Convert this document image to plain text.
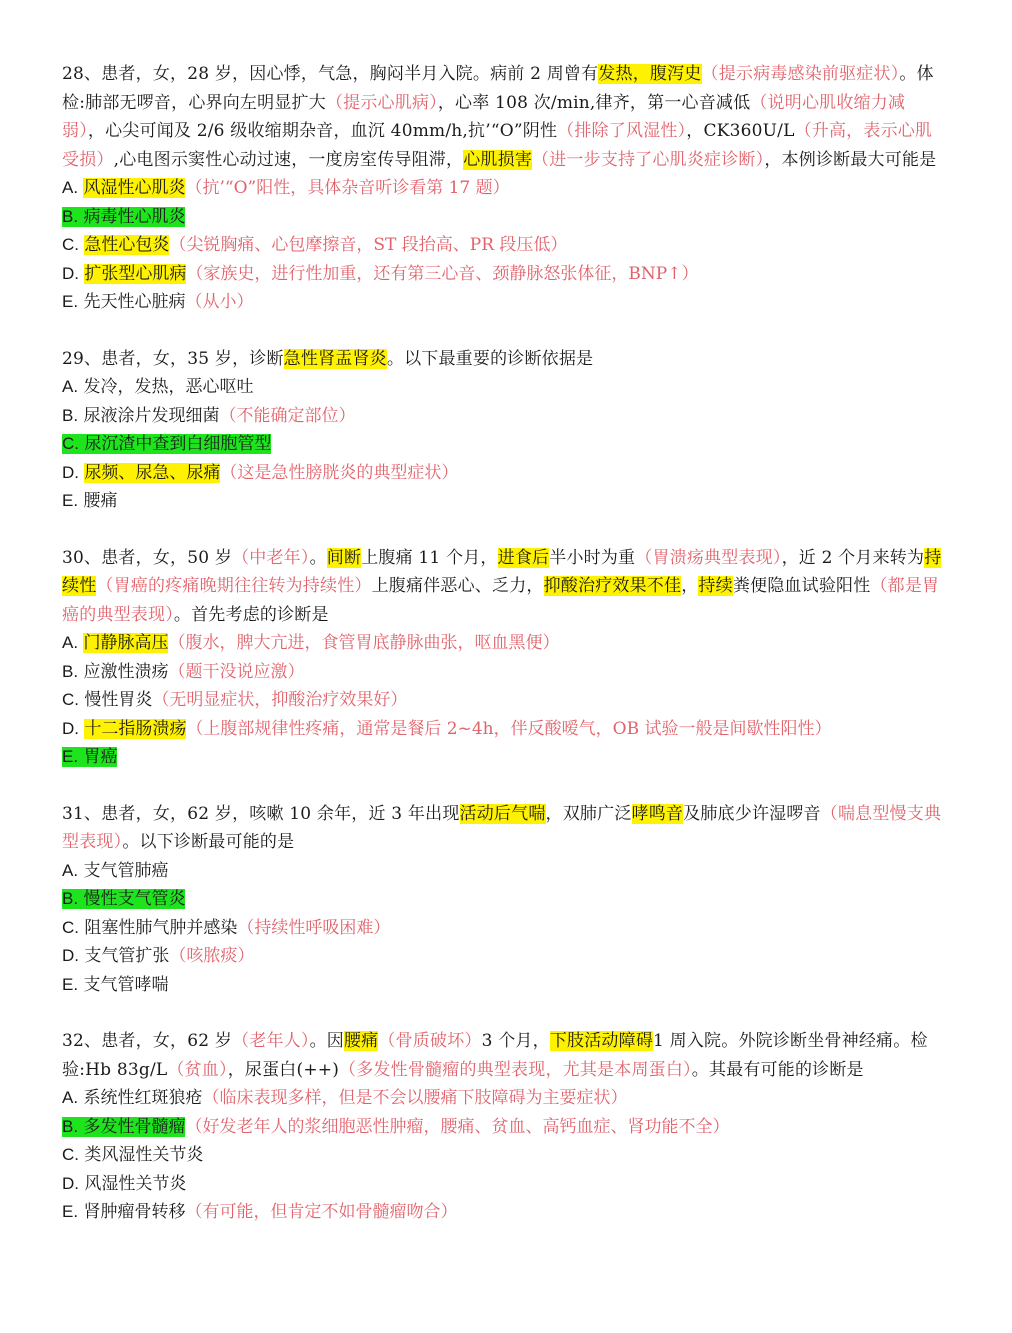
28、患者，女，28 岁，因心悸，气急，胸闷半月入院。病前 2 周曾有发热，腹泻史（提示病毒感染前驱症状）。体检:肺部无啰音，心界向左明显扩大（提示心肌病），心率 108 次/min,律齐，第一心音减低（说明心肌收缩力减弱），心尖可闻及 2/6 级收缩期杂音，血沉 40mm/h,抗’“O”阴性（排除了风湿性），CK360U/L（升高，表示心肌受损）,心电图示窦性心动过速，一度房室传导阻滞，心肌损害（进一步支持了心肌炎症诊断），本例诊断最大可能是
A. 风湿性心肌炎（抗’“O”阳性，具体杂音听诊看第 17 题）
B. 病毒性心肌炎
C. 急性心包炎（尖锐胸痛、心包摩擦音，ST 段抬高、PR 段压低）
D. 扩张型心肌病（家族史，进行性加重，还有第三心音、颈静脉怒张体征，BNP↑）
E. 先天性心脏病（从小）
29、患者，女，35 岁，诊断急性肾盂肾炎。以下最重要的诊断依据是
A. 发冷，发热，恶心呕吐
B. 尿液涂片发现细菌（不能确定部位）
C. 尿沉渣中查到白细胞管型
D. 尿频、尿急、尿痛（这是急性膀胱炎的典型症状）
E. 腰痛
30、患者，女，50 岁（中老年）。间断上腹痛 11 个月，进食后半小时为重（胃溃疡典型表现），近 2 个月来转为持续性（胃癌的疼痛晚期往往转为持续性）上腹痛伴恶心、乏力，抑酸治疗效果不佳，持续粪便隐血试验阳性（都是胃癌的典型表现）。首先考虑的诊断是
A. 门静脉高压（腹水，脾大亢进，食管胃底静脉曲张，呕血黑便）
B. 应激性溃疡（题干没说应激）
C. 慢性胃炎（无明显症状，抑酸治疗效果好）
D. 十二指肠溃疡（上腹部规律性疼痛，通常是餐后 2~4h，伴反酸嗳气，OB 试验一般是间歇性阳性）
E. 胃癌
31、患者，女，62 岁，咳嗽 10 余年，近 3 年出现活动后气喘，双肺广泛哮鸣音及肺底少许湿啰音（喘息型慢支典型表现）。以下诊断最可能的是
A. 支气管肺癌
B. 慢性支气管炎
C. 阻塞性肺气肿并感染（持续性呼吸困难）
D. 支气管扩张（咳脓痰）
E. 支气管哮喘
32、患者，女，62 岁（老年人）。因腰痛（骨质破坏）3 个月，下肢活动障碍1 周入院。外院诊断坐骨神经痛。检验:Hb 83g/L（贫血），尿蛋白(++)（多发性骨髓瘤的典型表现，尤其是本周蛋白）。其最有可能的诊断是
A. 系统性红斑狼疮（临床表现多样，但是不会以腰痛下肢障碍为主要症状）
B. 多发性骨髓瘤（好发老年人的浆细胞恶性肿瘤，腰痛、贫血、高钙血症、肾功能不全）
C. 类风湿性关节炎
D. 风湿性关节炎
E. 肾肿瘤骨转移（有可能，但肯定不如骨髓瘤吻合）
